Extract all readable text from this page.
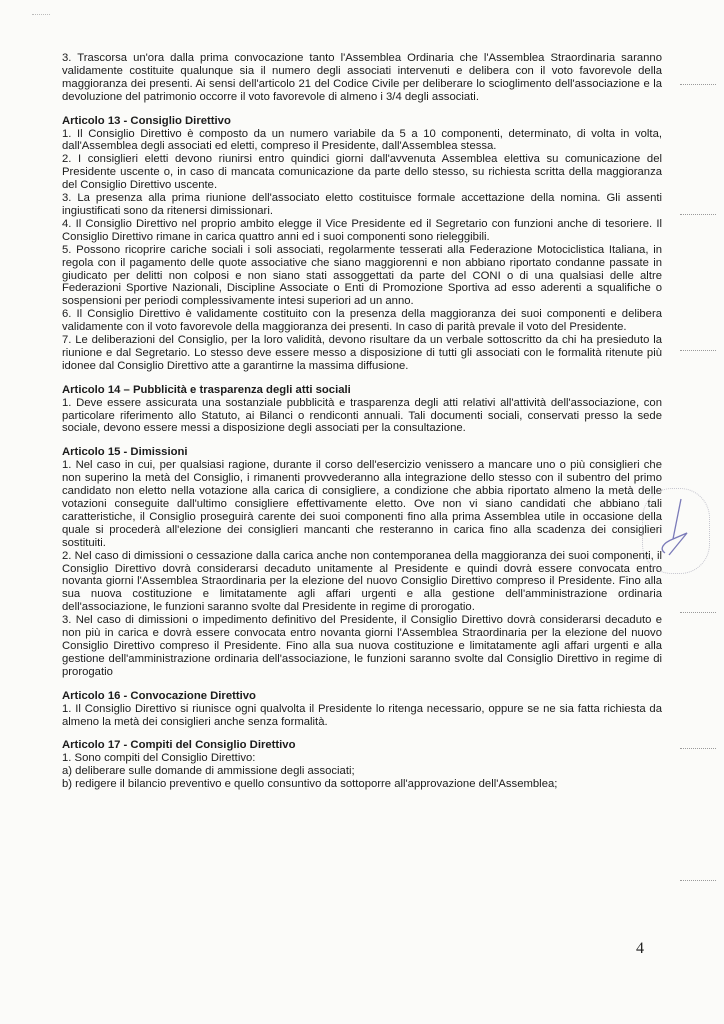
3. Trascorsa un'ora dalla prima convocazione tanto l'Assemblea Ordinaria che l'Assemblea Straordinaria saranno validamente costituite qualunque sia il numero degli associati intervenuti e delibera con il voto favorevole della maggioranza dei presenti. Ai sensi dell'articolo 21 del Codice Civile per deliberare lo scioglimento dell'associazione e la devoluzione del patrimonio occorre il voto favorevole di almeno i 3/4 degli associati.

Articolo 13 - Consiglio Direttivo

1. Il Consiglio Direttivo è composto da un numero variabile da 5 a 10 componenti, determinato, di volta in volta, dall'Assemblea degli associati ed eletti, compreso il Presidente, dall'Assemblea stessa.

2. I consiglieri eletti devono riunirsi entro quindici giorni dall'avvenuta Assemblea elettiva su comunicazione del Presidente uscente o, in caso di mancata comunicazione da parte dello stesso, su richiesta scritta della maggioranza del Consiglio Direttivo uscente.

3. La presenza alla prima riunione dell'associato eletto costituisce formale accettazione della nomina. Gli assenti ingiustificati sono da ritenersi dimissionari.

4. Il Consiglio Direttivo nel proprio ambito elegge il Vice Presidente ed il Segretario con funzioni anche di tesoriere. Il Consiglio Direttivo rimane in carica quattro anni ed i suoi componenti sono rieleggibili.

5. Possono ricoprire cariche sociali i soli associati, regolarmente tesserati alla Federazione Motociclistica Italiana, in regola con il pagamento delle quote associative che siano maggiorenni e non abbiano riportato condanne passate in giudicato per delitti non colposi e non siano stati assoggettati da parte del CONI o di una qualsiasi delle altre Federazioni Sportive Nazionali, Discipline Associate o Enti di Promozione Sportiva ad esso aderenti a squalifiche o sospensioni per periodi complessivamente intesi superiori ad un anno.

6. Il Consiglio Direttivo è validamente costituito con la presenza della maggioranza dei suoi componenti e delibera validamente con il voto favorevole della maggioranza dei presenti. In caso di parità prevale il voto del Presidente.

7. Le deliberazioni del Consiglio, per la loro validità, devono risultare da un verbale sottoscritto da chi ha presieduto la riunione e dal Segretario. Lo stesso deve essere messo a disposizione di tutti gli associati con le formalità ritenute più idonee dal Consiglio Direttivo atte a garantirne la massima diffusione.

Articolo 14 – Pubblicità e trasparenza degli atti sociali

1. Deve essere assicurata una sostanziale pubblicità e trasparenza degli atti relativi all'attività dell'associazione, con particolare riferimento allo Statuto, ai Bilanci o rendiconti annuali. Tali documenti sociali, conservati presso la sede sociale, devono essere messi a disposizione degli associati per la consultazione.

Articolo 15 - Dimissioni

1. Nel caso in cui, per qualsiasi ragione, durante il corso dell'esercizio venissero a mancare uno o più consiglieri che non superino la metà del Consiglio, i rimanenti provvederanno alla integrazione dello stesso con il subentro del primo candidato non eletto nella votazione alla carica di consigliere, a condizione che abbia riportato almeno la metà delle votazioni conseguite dall'ultimo consigliere effettivamente eletto. Ove non vi siano candidati che abbiano tali caratteristiche, il Consiglio proseguirà carente dei suoi componenti fino alla prima Assemblea utile in occasione della quale si procederà all'elezione dei consiglieri mancanti che resteranno in carica fino alla scadenza dei consiglieri sostituiti.

2. Nel caso di dimissioni o cessazione dalla carica anche non contemporanea della maggioranza dei suoi componenti, il Consiglio Direttivo dovrà considerarsi decaduto unitamente al Presidente e quindi dovrà essere convocata entro novanta giorni l'Assemblea Straordinaria per la elezione del nuovo Consiglio Direttivo compreso il Presidente. Fino alla sua nuova costituzione e limitatamente agli affari urgenti e alla gestione dell'amministrazione ordinaria dell'associazione, le funzioni saranno svolte dal Presidente in regime di prorogatio.

3. Nel caso di dimissioni o impedimento definitivo del Presidente, il Consiglio Direttivo dovrà considerarsi decaduto e non più in carica e dovrà essere convocata entro novanta giorni l'Assemblea Straordinaria per la elezione del nuovo Consiglio Direttivo compreso il Presidente. Fino alla sua nuova costituzione e limitatamente agli affari urgenti e alla gestione dell'amministrazione ordinaria dell'associazione, le funzioni saranno svolte dal Consiglio Direttivo in regime di prorogatio

Articolo 16 - Convocazione Direttivo

1. Il Consiglio Direttivo si riunisce ogni qualvolta il Presidente lo ritenga necessario, oppure se ne sia fatta richiesta da almeno la metà dei consiglieri anche senza formalità.

Articolo 17 - Compiti del Consiglio Direttivo

1. Sono compiti del Consiglio Direttivo:

a) deliberare sulle domande di ammissione degli associati;

b) redigere il bilancio preventivo e quello consuntivo da sottoporre all'approvazione dell'Assemblea;

4
